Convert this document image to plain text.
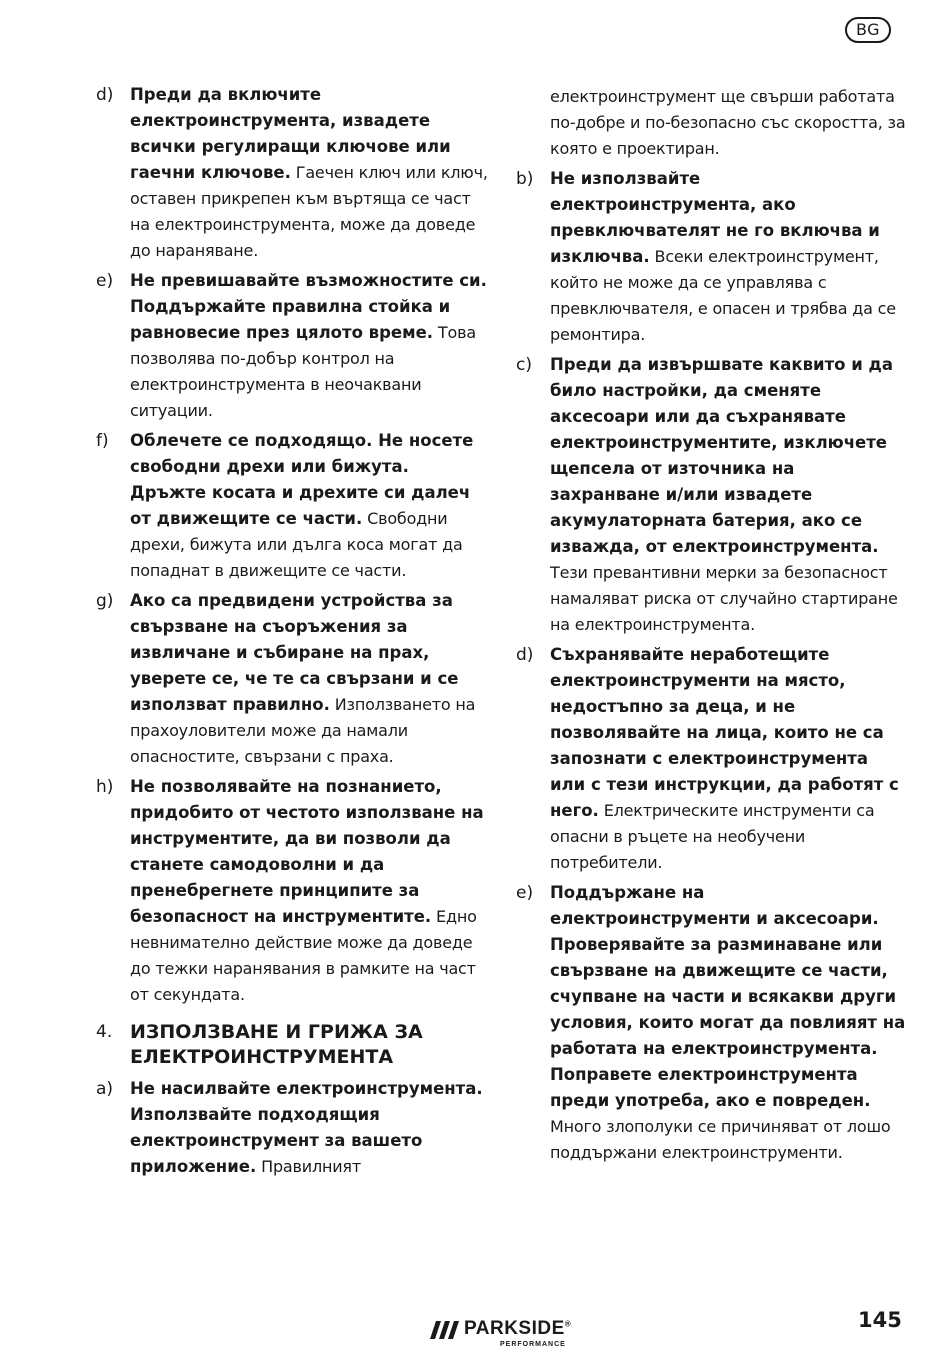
BG
d)	Преди да включите електроинструмента, извадете всички регулиращи ключове или гаечни ключове. Гаечен ключ или ключ, оставен прикрепен към въртяща се част на електроинструмента, може да доведе до нараняване.
e)	Не превишавайте възможностите си. Поддържайте правилна стойка и равновесие през цялото време. Това позволява по-добър контрол на електроинструмента в неочаквани ситуации.
f)	Облечете се подходящо. Не носете свободни дрехи или бижута. Дръжте косата и дрехите си далеч от движещите се части. Свободни дрехи, бижута или дълга коса могат да попаднат в движещите се части.
g)	Ако са предвидени устройства за свързване на съоръжения за извличане и събиране на прах, уверете се, че те са свързани и се използват правилно. Използването на прахоуловители може да намали опасностите, свързани с праха.
h)	Не позволявайте на познанието, придобито от честото използване на инструментите, да ви позволи да станете самодоволни и да пренебрегнете принципите за безопасност на инструментите. Едно невнимателно действие може да доведе до тежки наранявания в рамките на част от секундата.
4. ИЗПОЛЗВАНЕ И ГРИЖА ЗА ЕЛЕКТРОИНСТРУМЕНТА
a)	Не насилвайте електроинструмента. Използвайте подходящия електроинструмент за вашето приложение. Правилният
електроинструмент ще свърши работата по-добре и по-безопасно със скоростта, за която е проектиран.
b)	Не използвайте електроинструмента, ако превключвателят не го включва и изключва. Всеки електроинструмент, който не може да се управлява с превключвателя, е опасен и трябва да се ремонтира.
c)	Преди да извършвате каквито и да било настройки, да сменяте аксесоари или да съхранявате електроинструментите, изключете щепсела от източника на захранване и/или извадете акумулаторната батерия, ако се изважда, от електроинструмента. Тези превантивни мерки за безопасност намаляват риска от случайно стартиране на електроинструмента.
d)	Съхранявайте неработещите електроинструменти на място, недостъпно за деца, и не позволявайте на лица, които не са запознати с електроинструмента или с тези инструкции, да работят с него. Електрическите инструменти са опасни в ръцете на необучени потребители.
e)	Поддържане на електроинструменти и аксесоари. Проверявайте за разминаване или свързване на движещите се части, счупване на части и всякакви други условия, които могат да повлияят на работата на електроинструмента. Поправете електроинструмента преди употреба, ако е повреден. Много злополуки се причиняват от лошо поддържани електроинструменти.
PARKSIDE®
PERFORMANCE
145
